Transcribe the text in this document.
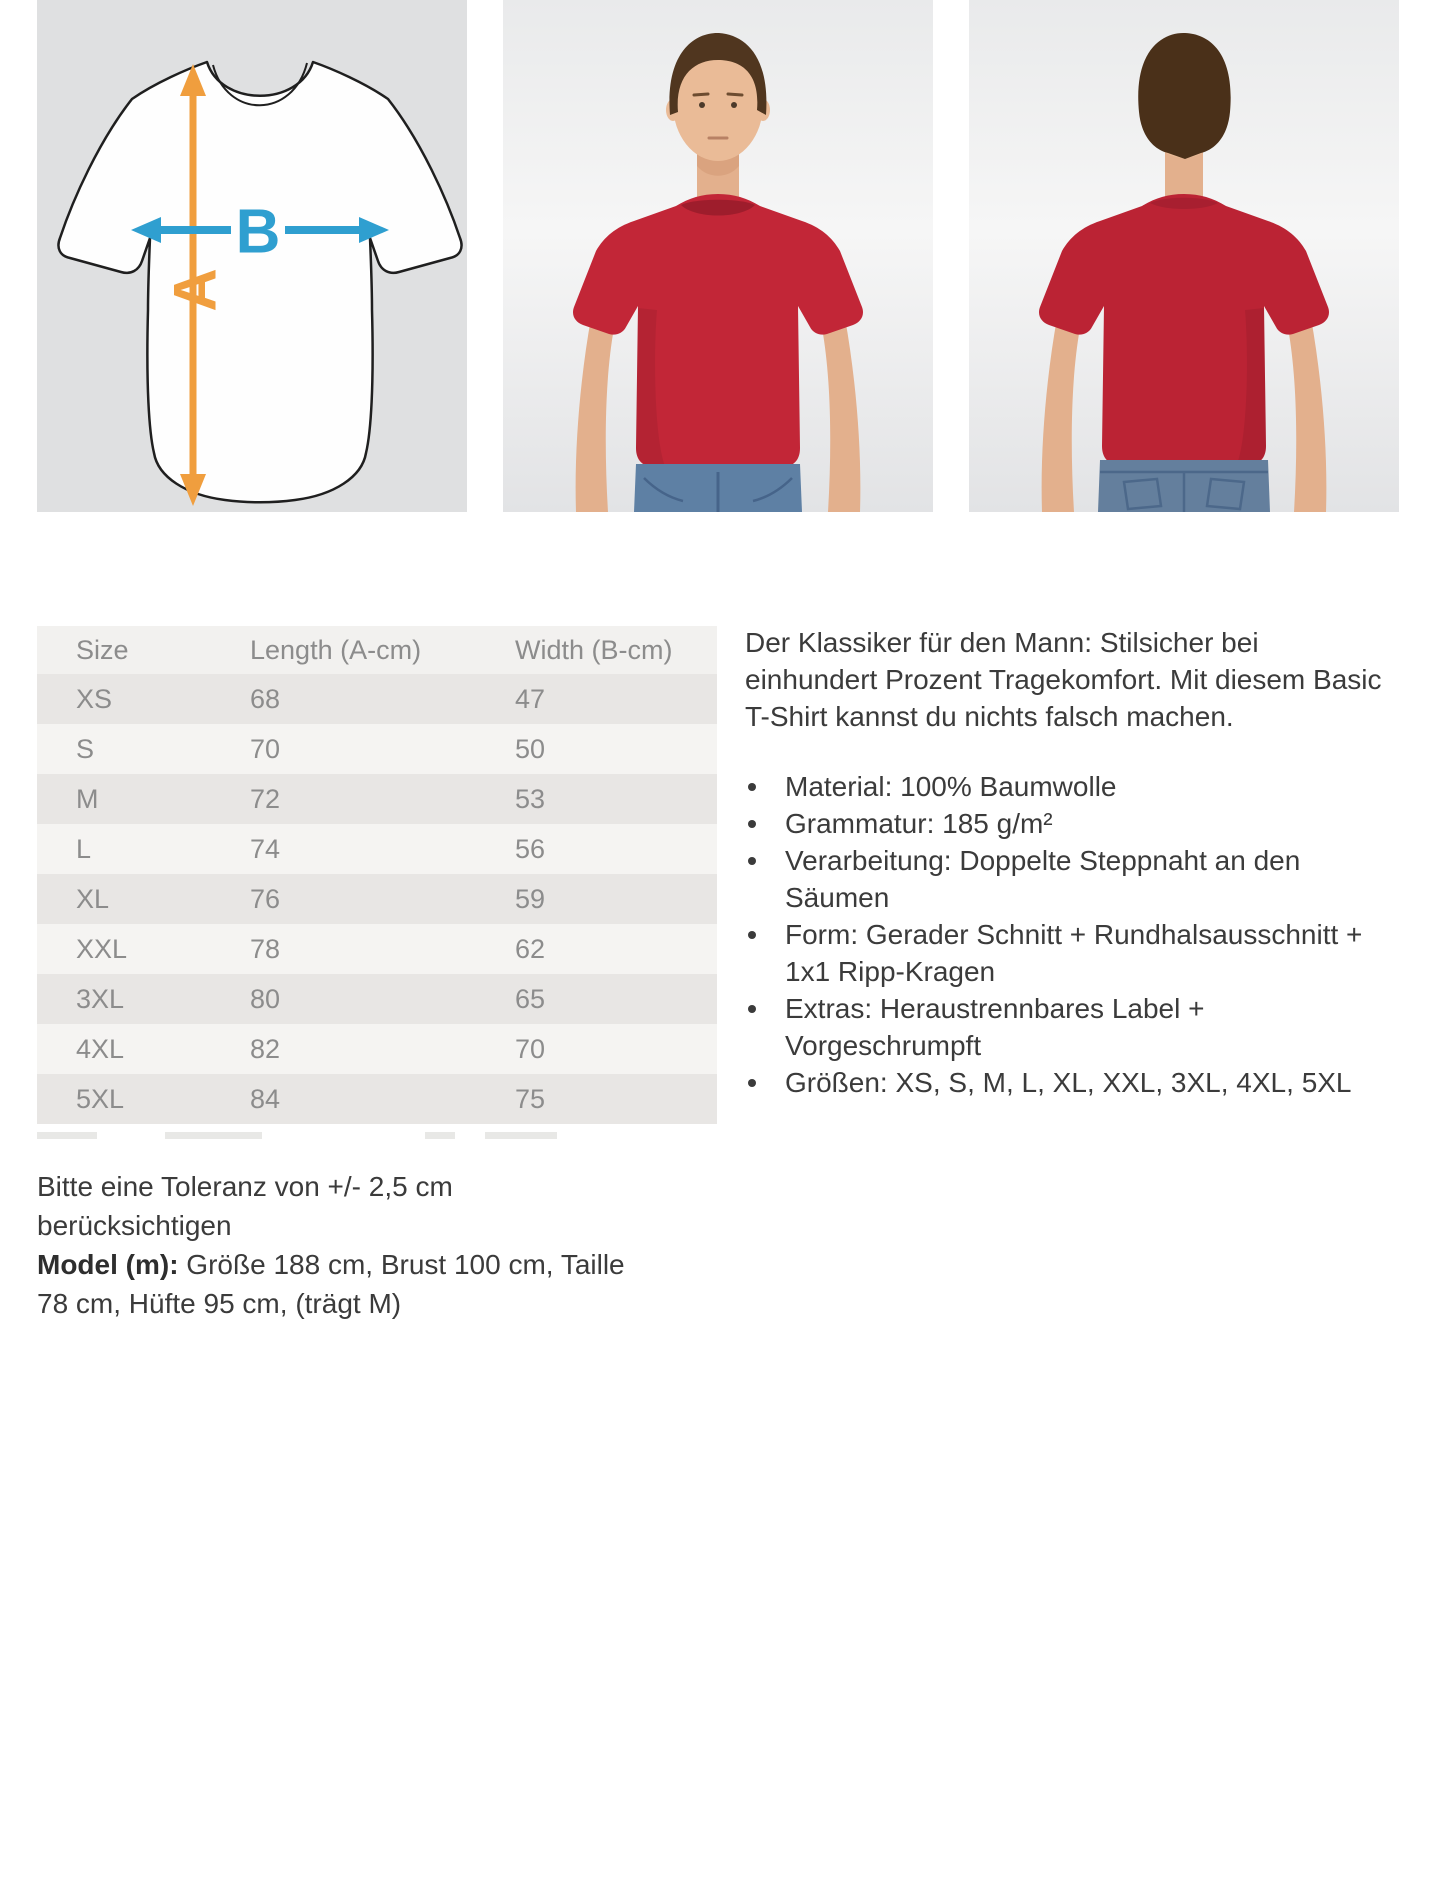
A
B
Size	Length (A-cm)	Width (B-cm)
XS	68	47
S	70	50
M	72	53
L	74	56
XL	76	59
XXL	78	62
3XL	80	65
4XL	82	70
5XL	84	75

Der Klassiker für den Mann: Stilsicher bei einhundert Prozent Tragekomfort. Mit diesem Basic T-Shirt kannst du nichts falsch machen.

Material: 100% Baumwolle
Grammatur: 185 g/m²
Verarbeitung: Doppelte Steppnaht an den Säumen
Form: Gerader Schnitt + Rundhalsausschnitt + 1x1 Ripp-Kragen
Extras: Heraustrennbares Label + Vorgeschrumpft
Größen: XS, S, M, L, XL, XXL, 3XL, 4XL, 5XL

Bitte eine Toleranz von +/- 2,5 cm berücksichtigen

Model (m): Größe 188 cm, Brust 100 cm, Taille 78 cm, Hüfte 95 cm, (trägt M)
